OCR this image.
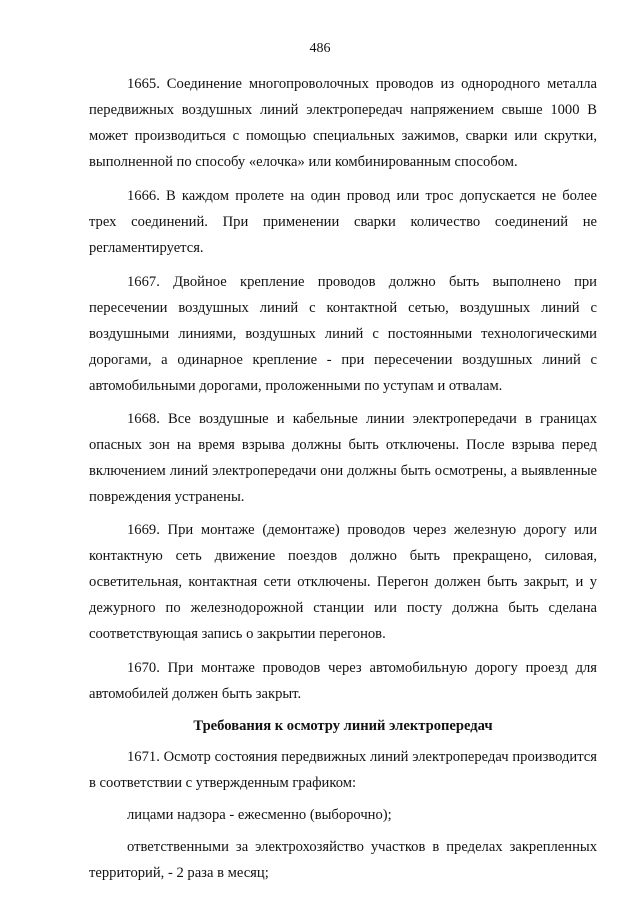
486

1665. Соединение многопроволочных проводов из однородного металла передвижных воздушных линий электропередач напряжением свыше 1000 В может производиться с помощью специальных зажимов, сварки или скрутки, выполненной по способу «елочка» или комбинированным способом.

1666. В каждом пролете на один провод или трос допускается не более трех соединений. При применении сварки количество соединений не регламентируется.

1667. Двойное крепление проводов должно быть выполнено при пересечении воздушных линий с контактной сетью, воздушных линий с воздушными линиями, воздушных линий с постоянными технологическими дорогами, а одинарное крепление - при пересечении воздушных линий с автомобильными дорогами, проложенными по уступам и отвалам.

1668. Все воздушные и кабельные линии электропередачи в границах опасных зон на время взрыва должны быть отключены. После взрыва перед включением линий электропередачи они должны быть осмотрены, а выявленные повреждения устранены.

1669. При монтаже (демонтаже) проводов через железную дорогу или контактную сеть движение поездов должно быть прекращено, силовая, осветительная, контактная сети отключены. Перегон должен быть закрыт, и у дежурного по железнодорожной станции или посту должна быть сделана соответствующая запись о закрытии перегонов.

1670. При монтаже проводов через автомобильную дорогу проезд для автомобилей должен быть закрыт.

Требования к осмотру линий электропередач

1671. Осмотр состояния передвижных линий электропередач производится в соответствии с утвержденным графиком:

лицами надзора - ежесменно (выборочно);

ответственными за электрохозяйство участков в пределах закрепленных территорий, - 2 раза в месяц;
